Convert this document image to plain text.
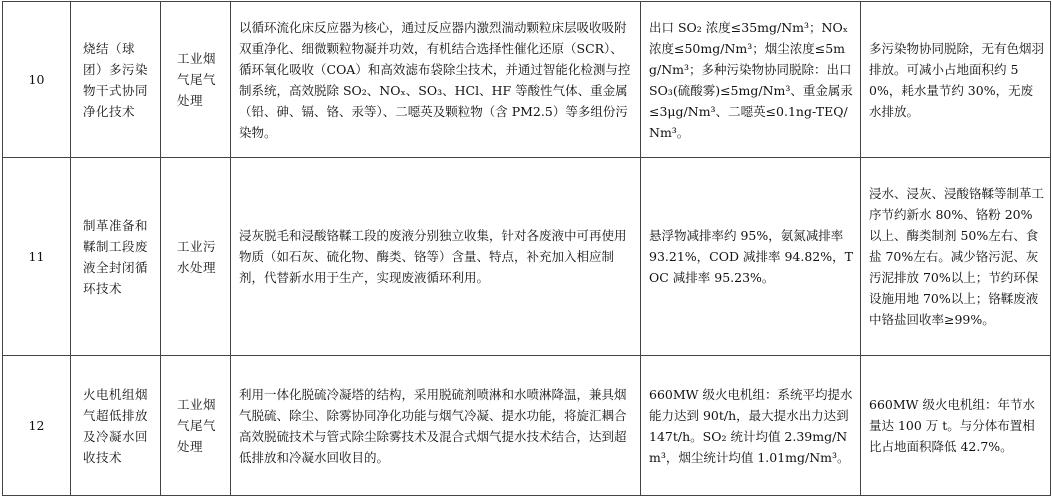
10	烧结（球团）多污染物干式协同净化技术	工业烟气尾气处理	以循环流化床反应器为核心，通过反应器内激烈湍动颗粒床层吸收吸附双重净化、细微颗粒物凝并功效，有机结合选择性催化还原（SCR）、循环氧化吸收（COA）和高效滤布袋除尘技术，并通过智能化检测与控制系统，高效脱除 SO₂、NOₓ、SO₃、HCl、HF 等酸性气体、重金属（铅、砷、镉、铬、汞等）、二噁英及颗粒物（含 PM2.5）等多组份污染物。	出口 SO₂ 浓度≤35mg/Nm³；NOₓ 浓度≤50mg/Nm³；烟尘浓度≤5mg/Nm³；多种污染物协同脱除：出口 SO₃(硫酸雾)≤5mg/Nm³、重金属汞≤3μg/Nm³、二噁英≤0.1ng-TEQ/Nm³。	多污染物协同脱除，无有色烟羽排放。可减小占地面积约 50%，耗水量节约 30%，无废水排放。
11	制革准备和鞣制工段废液全封闭循环技术	工业污水处理	浸灰脱毛和浸酸铬鞣工段的废液分别独立收集，针对各废液中可再使用物质（如石灰、硫化物、酶类、铬等）含量、特点，补充加入相应制剂，代替新水用于生产，实现废液循环利用。	悬浮物减排率约 95%，氨氮减排率 93.21%，COD 减排率 94.82%，TOC 减排率 95.23%。	浸水、浸灰、浸酸铬鞣等制革工序节约新水 80%、铬粉 20%以上、酶类制剂 50%左右、食盐 70%左右。减少铬污泥、灰汚泥排放 70%以上；节约环保设施用地 70%以上；铬鞣废液中铬盐回收率≥99%。
12	火电机组烟气超低排放及冷凝水回收技术	工业烟气尾气处理	利用一体化脱硫冷凝塔的结构，采用脱硫剂喷淋和水喷淋降温，兼具烟气脱硫、除尘、除雾协同净化功能与烟气冷凝、提水功能，将旋汇耦合高效脱硫技术与管式除尘除雾技术及混合式烟气提水技术结合，达到超低排放和冷凝水回收目的。	660MW 级火电机组：系统平均提水能力达到 90t/h，最大提水出力达到 147t/h。SO₂ 统计均值 2.39mg/Nm³，烟尘统计均值 1.01mg/Nm³。	660MW 级火电机组：年节水量达 100 万 t。与分体布置相比占地面积降低 42.7%。
